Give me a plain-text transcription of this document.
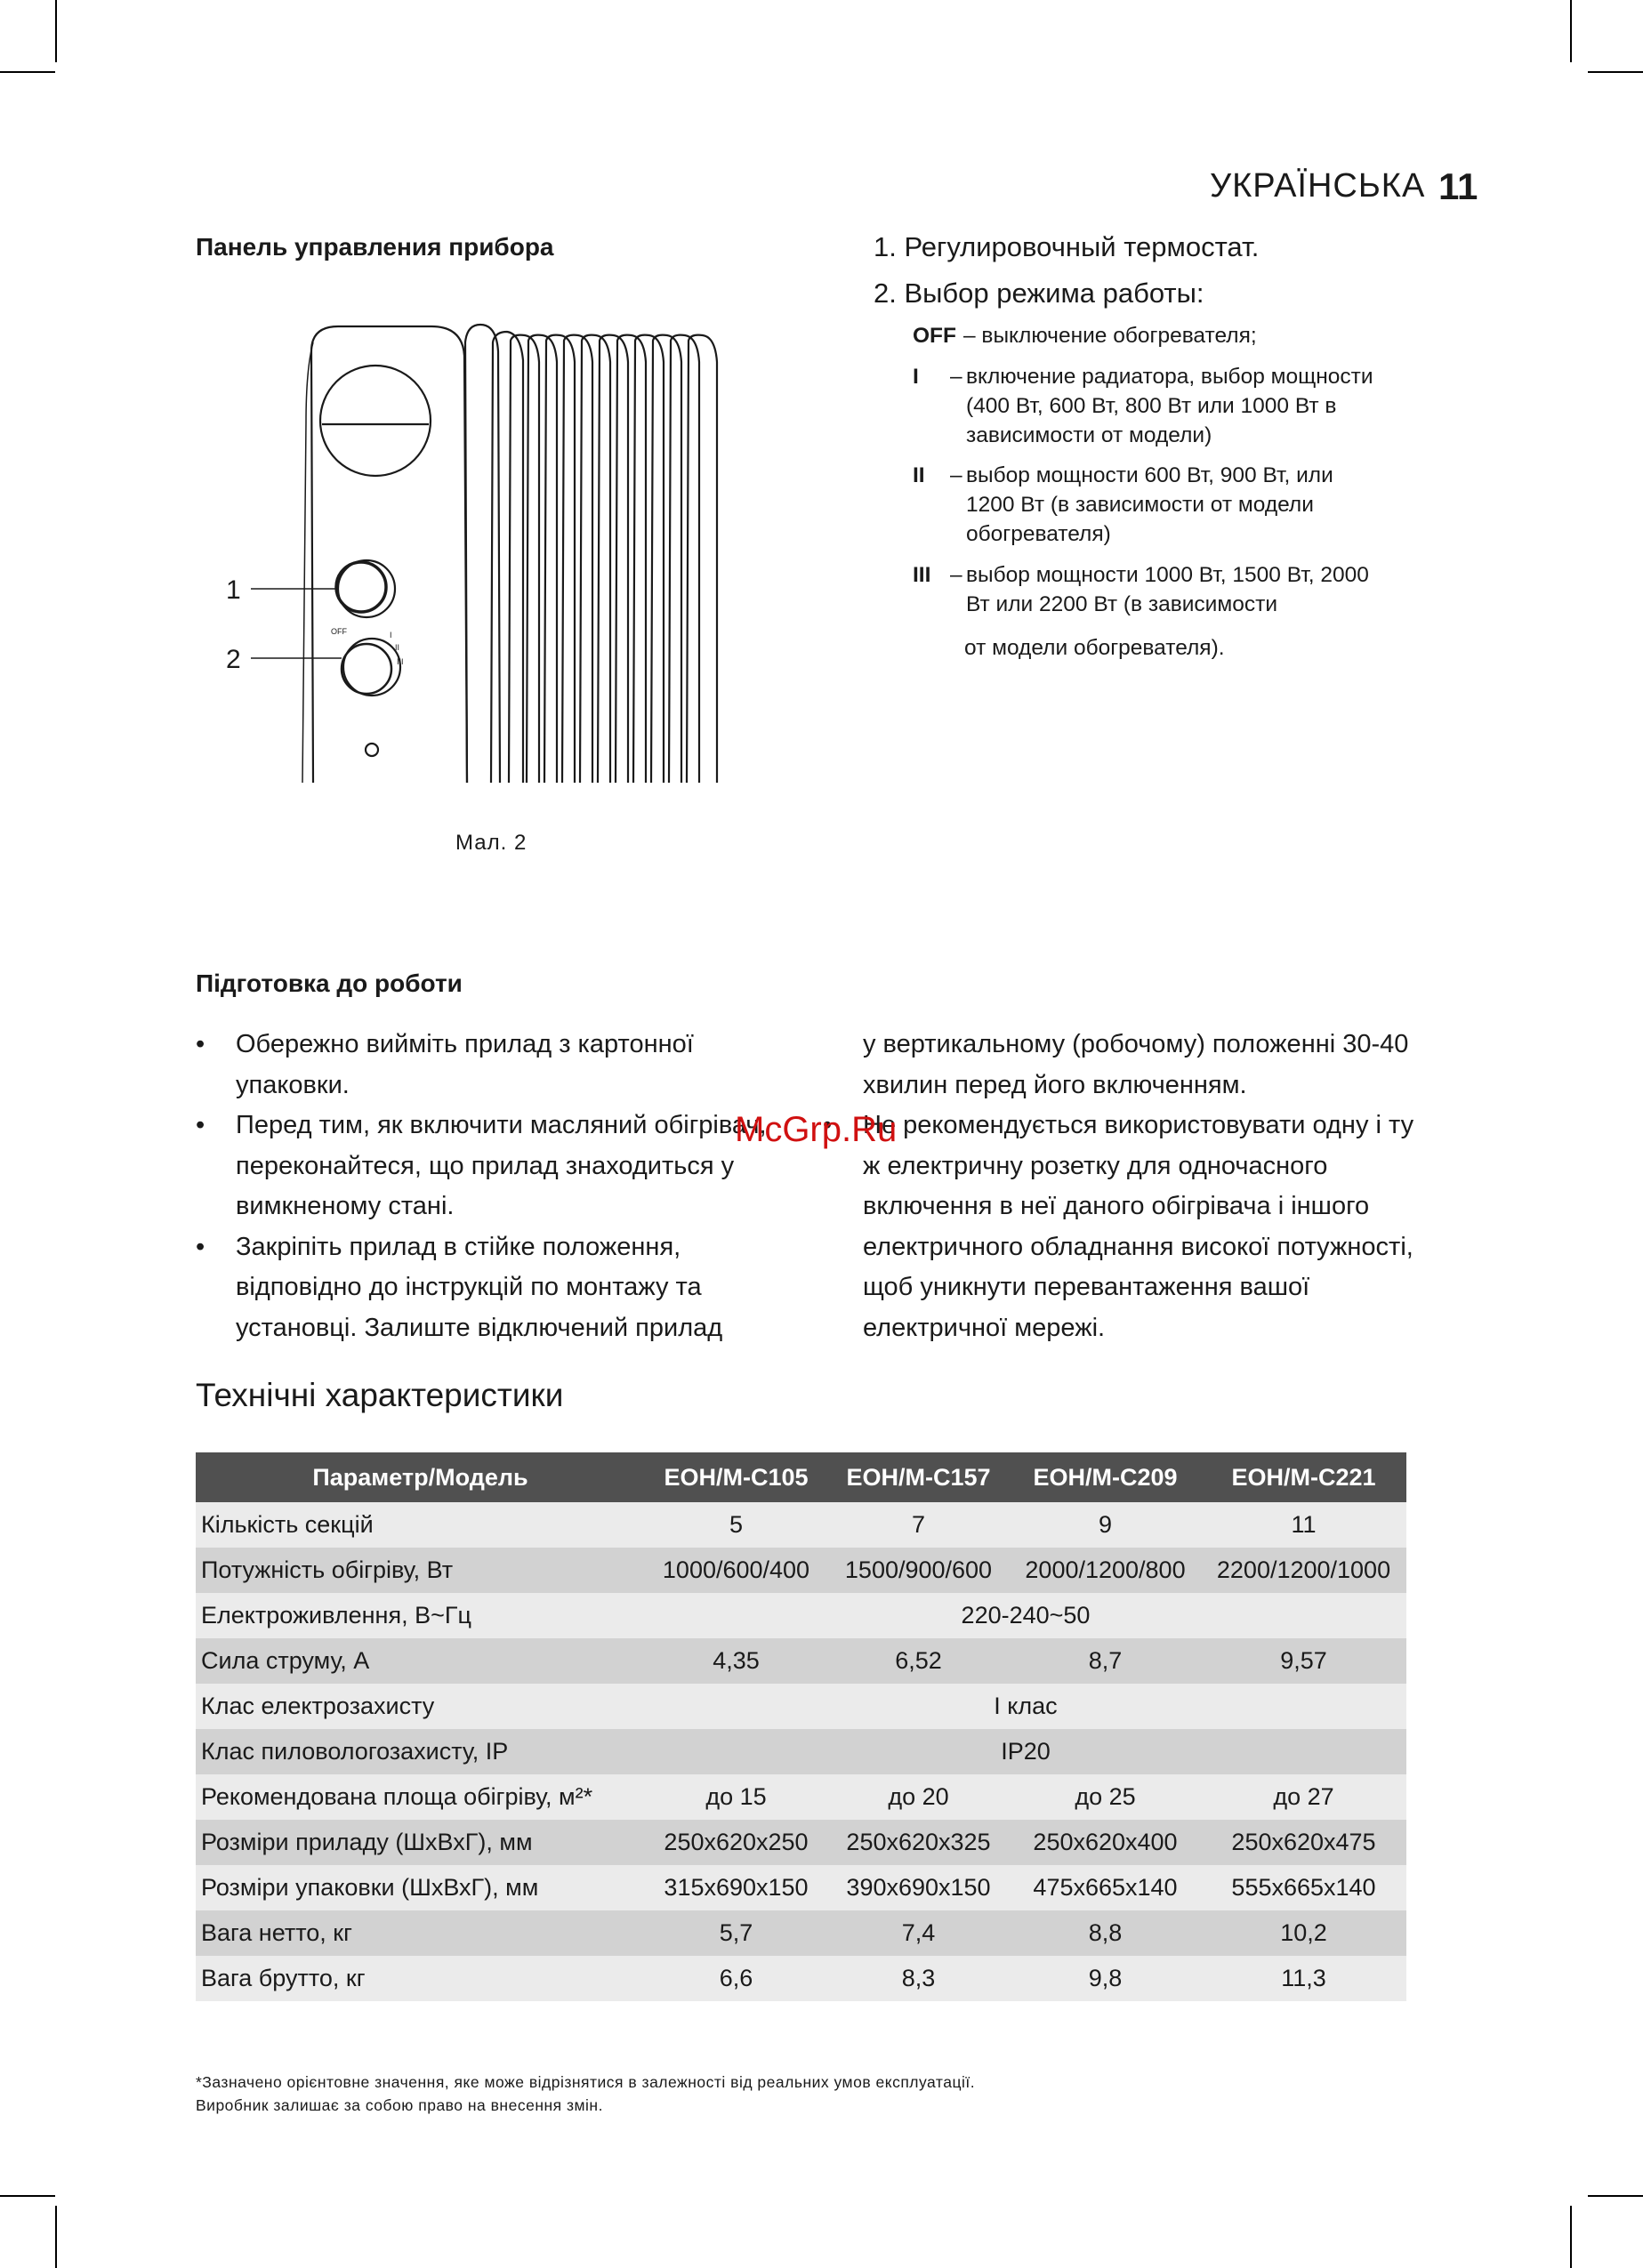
УКРАЇНСЬКА 11
Панель управления прибора
OFF	I
II
III
1
2
Мал. 2
1. Регулировочный термостат.
2. Выбор режима работы:
OFF – выключение обогревателя;
I – включение радиатора, выбор мощности (400 Вт, 600 Вт, 800 Вт или 1000 Вт в зависимости от модели)
II – выбор мощности 600 Вт, 900 Вт, или 1200 Вт (в зависимости от модели обогревателя)
III – выбор мощности 1000 Вт, 1500 Вт, 2000 Вт или 2200 Вт (в зависимости
от модели обогревателя).
Підготовка до роботи
• Обережно вийміть прилад з картонної упаковки.
• Перед тим, як включити масляний обігрівач, переконайтеся, що прилад знаходиться у вимкненому стані.
• Закріпіть прилад в стійке положення, відповідно до інструкцій по монтажу та установці. Залиште відключений прилад
у вертикальному (робочому) положенні 30-40 хвилин перед його включенням.
• Не рекомендується використовувати одну і ту ж електричну розетку для одночасного включення в неї даного обігрівача і іншого електричного обладнання високої потужності, щоб уникнути перевантаження вашої електричної мережі.
McGrp.Ru
Технічні характеристики
Параметр/Модель	EOH/M-C105	EOH/M-C157	EOH/M-C209	EOH/M-C221
Кількість секцій	5	7	9	11
Потужність обігріву, Вт	1000/600/400	1500/900/600	2000/1200/800	2200/1200/1000
Електроживлення, В~Гц	220-240~50			
Сила струму, А	4,35	6,52	8,7	9,57
Клас електрозахисту	I клас			
Клас пиловологозахисту, IP	IP20			
Рекомендована площа обігріву, м²*	до 15	до 20	до 25	до 27
Розміри приладу (ШхВхГ), мм	250x620x250	250x620x325	250x620x400	250x620x475
Розміри упаковки (ШхВхГ), мм	315x690x150	390x690x150	475x665x140	555x665x140
Вага нетто, кг	5,7	7,4	8,8	10,2
Вага брутто, кг	6,6	8,3	9,8	11,3
*Зазначено орієнтовне значення, яке може відрізнятися в залежності від реальних умов експлуатації.
Виробник залишає за собою право на внесення змін.
